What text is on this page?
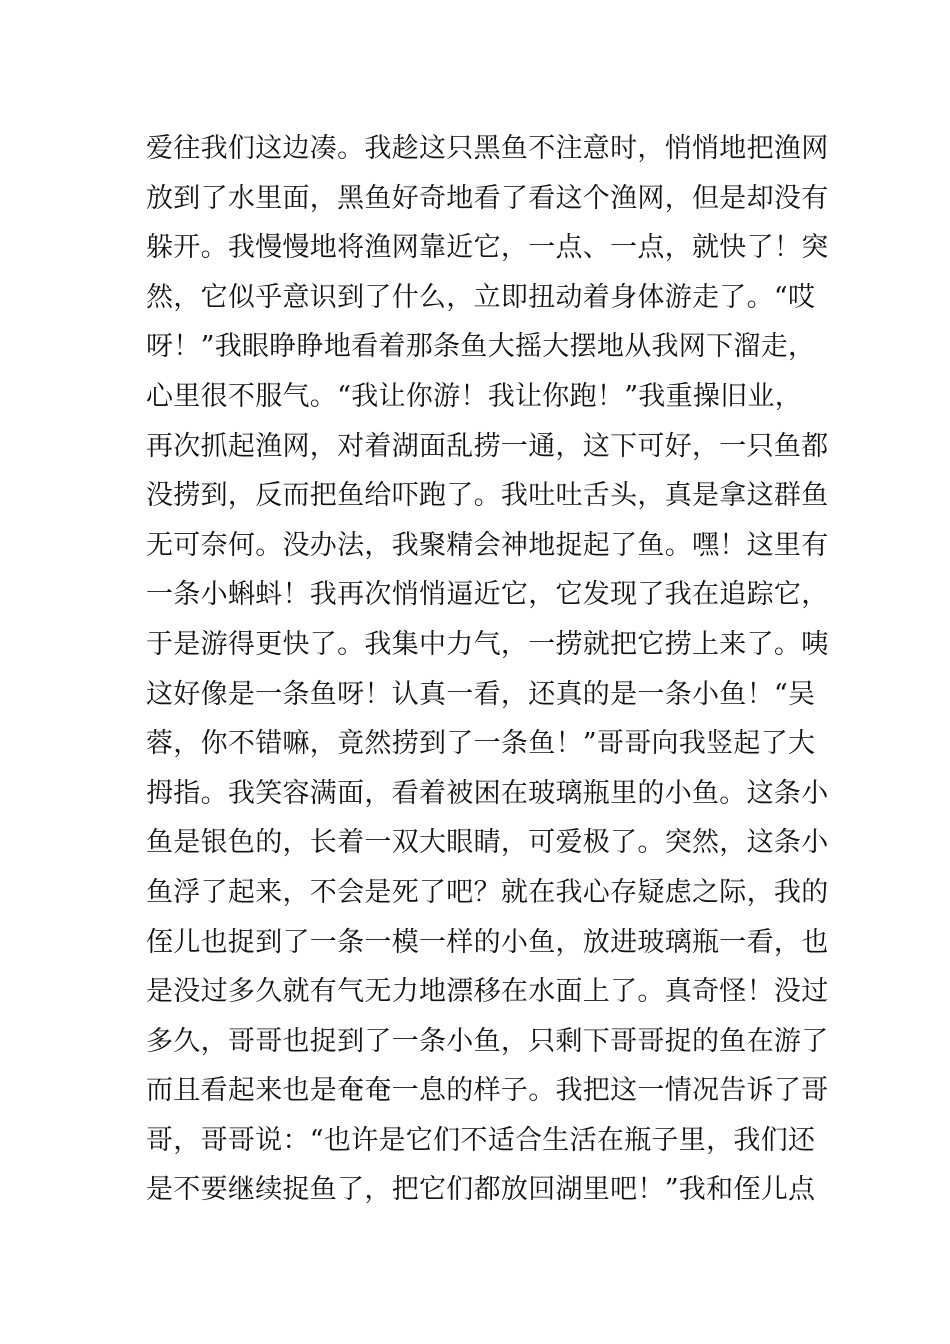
爱往我们这边凑。我趁这只黑鱼不注意时，悄悄地把渔网
放到了水里面，黑鱼好奇地看了看这个渔网，但是却没有
躲开。我慢慢地将渔网靠近它，一点、一点，就快了！突
然，它似乎意识到了什么，立即扭动着身体游走了。“哎
呀！”我眼睁睁地看着那条鱼大摇大摆地从我网下溜走，
心里很不服气。“我让你游！我让你跑！”我重操旧业，
再次抓起渔网，对着湖面乱捞一通，这下可好，一只鱼都
没捞到，反而把鱼给吓跑了。我吐吐舌头，真是拿这群鱼
无可奈何。没办法，我聚精会神地捉起了鱼。嘿！这里有
一条小蝌蚪！我再次悄悄逼近它，它发现了我在追踪它，
于是游得更快了。我集中力气，一捞就把它捞上来了。咦
这好像是一条鱼呀！认真一看，还真的是一条小鱼！“吴
蓉，你不错嘛，竟然捞到了一条鱼！”哥哥向我竖起了大
拇指。我笑容满面，看着被困在玻璃瓶里的小鱼。这条小
鱼是银色的，长着一双大眼睛，可爱极了。突然，这条小
鱼浮了起来，不会是死了吧？就在我心存疑虑之际，我的
侄儿也捉到了一条一模一样的小鱼，放进玻璃瓶一看，也
是没过多久就有气无力地漂移在水面上了。真奇怪！没过
多久，哥哥也捉到了一条小鱼，只剩下哥哥捉的鱼在游了
而且看起来也是奄奄一息的样子。我把这一情况告诉了哥
哥，哥哥说：“也许是它们不适合生活在瓶子里，我们还
是不要继续捉鱼了，把它们都放回湖里吧！”我和侄儿点
